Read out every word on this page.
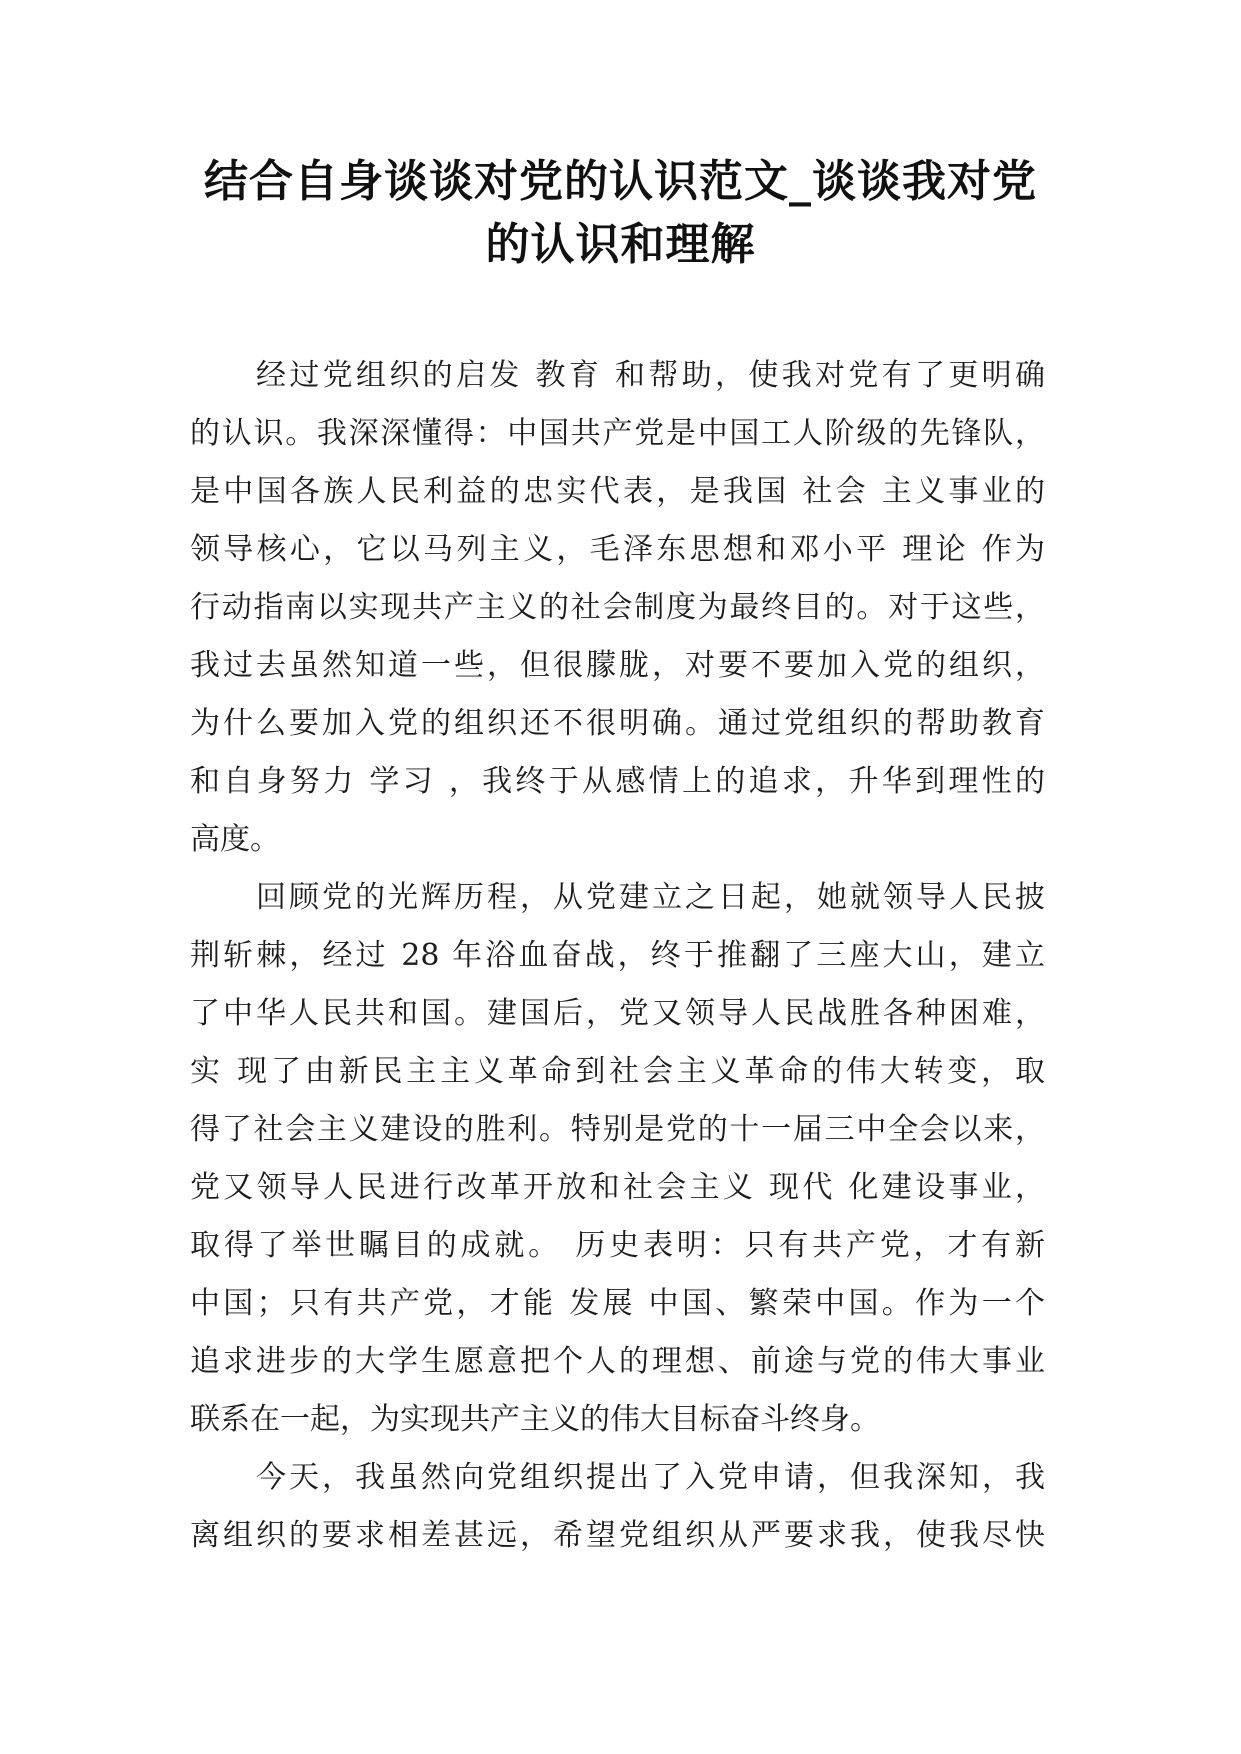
结合自身谈谈对党的认识范文_谈谈我对党
的认识和理解
经过党组织的启发 教育 和帮助，使我对党有了更明确
的认识。我深深懂得：中国共产党是中国工人阶级的先锋队，
是中国各族人民利益的忠实代表，是我国 社会 主义事业的
领导核心，它以马列主义，毛泽东思想和邓小平 理论 作为
行动指南以实现共产主义的社会制度为最终目的。对于这些，
我过去虽然知道一些，但很朦胧，对要不要加入党的组织，
为什么要加入党的组织还不很明确。通过党组织的帮助教育
和自身努力 学习 ，我终于从感情上的追求，升华到理性的
高度。
回顾党的光辉历程，从党建立之日起，她就领导人民披
荆斩棘，经过 28 年浴血奋战，终于推翻了三座大山，建立
了中华人民共和国。建国后，党又领导人民战胜各种困难，
实 现了由新民主主义革命到社会主义革命的伟大转变，取
得了社会主义建设的胜利。特别是党的十一届三中全会以来，
党又领导人民进行改革开放和社会主义 现代 化建设事业，
取得了举世瞩目的成就。 历史表明：只有共产党，才有新
中国；只有共产党，才能 发展 中国、繁荣中国。作为一个
追求进步的大学生愿意把个人的理想、前途与党的伟大事业
联系在一起，为实现共产主义的伟大目标奋斗终身。
今天，我虽然向党组织提出了入党申请，但我深知，我
离组织的要求相差甚远，希望党组织从严要求我，使我尽快
